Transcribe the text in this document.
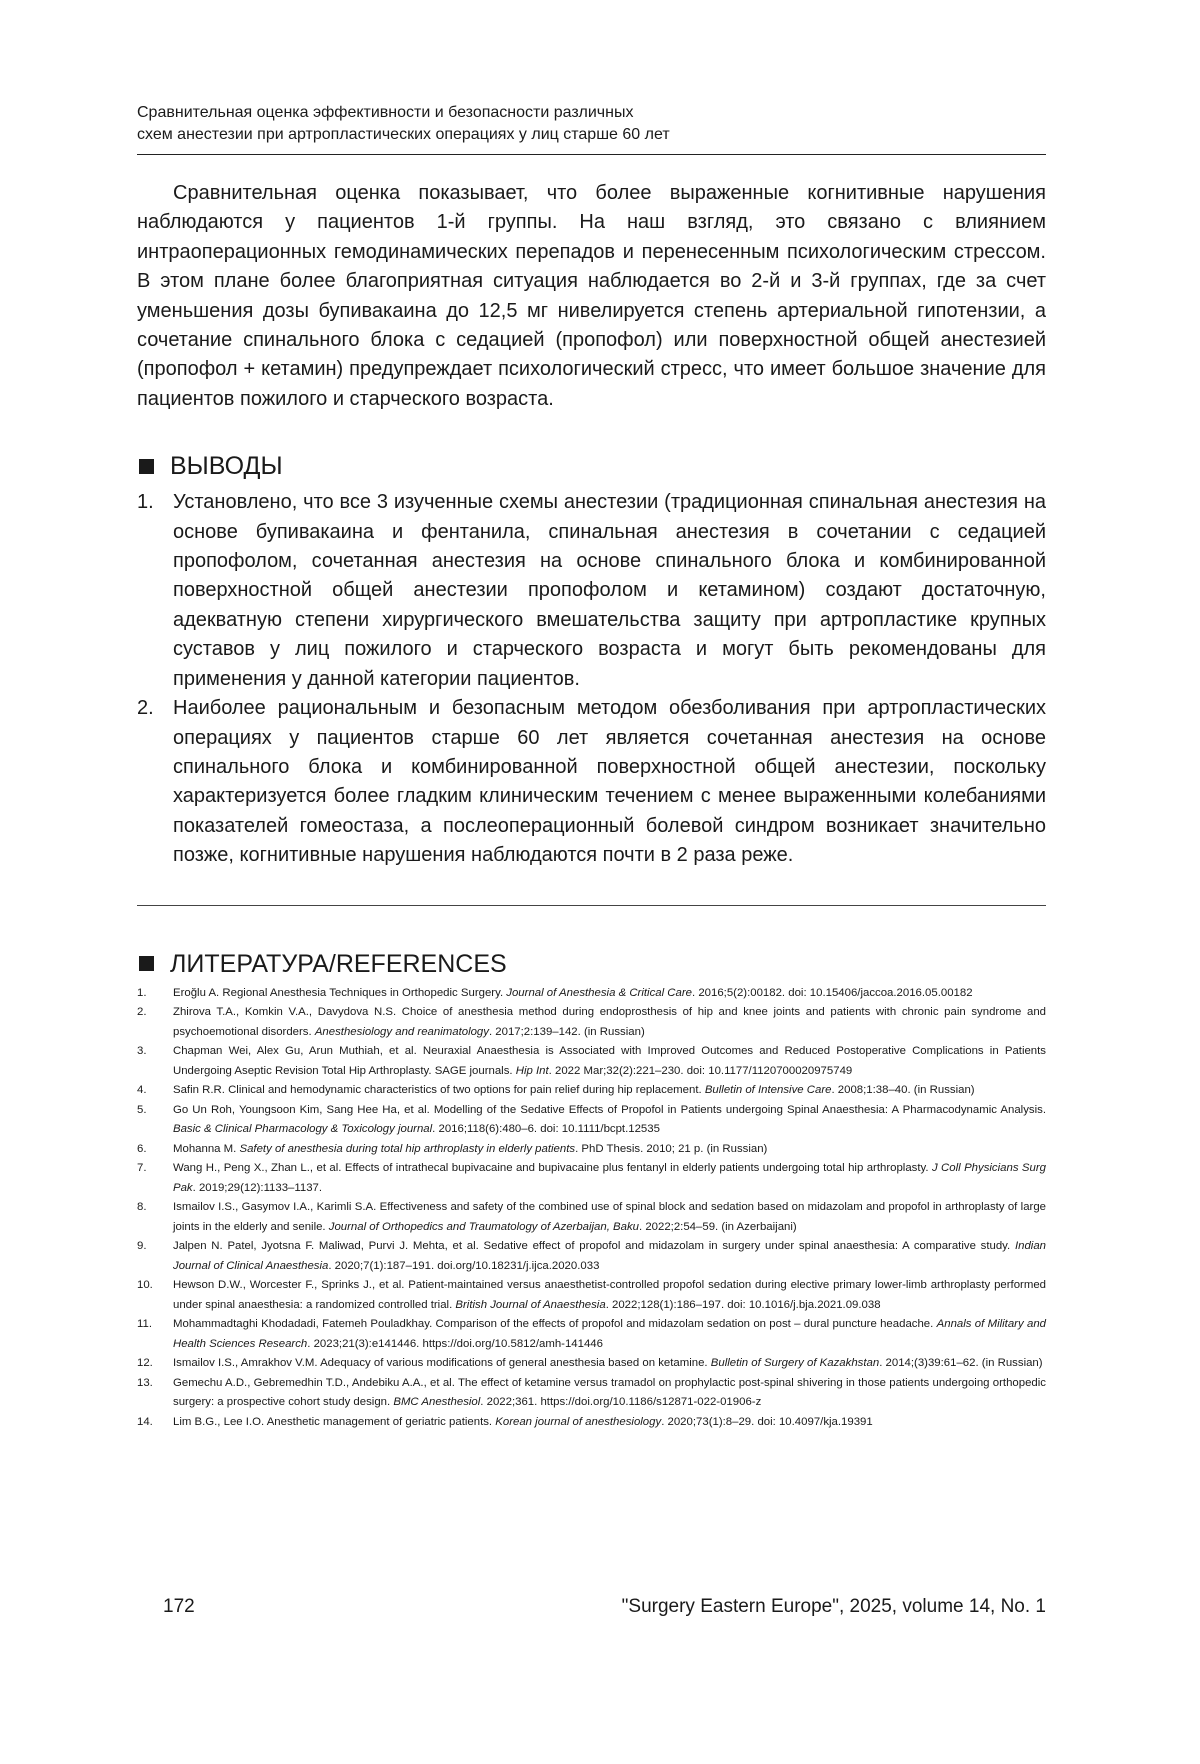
Сравнительная оценка эффективности и безопасности различных
схем анестезии при артропластических операциях у лиц старше 60 лет

Сравнительная оценка показывает, что более выраженные когнитивные нарушения наблюдаются у пациентов 1-й группы. На наш взгляд, это связано с влиянием интраоперационных гемодинамических перепадов и перенесенным психологическим стрессом. В этом плане более благоприятная ситуация наблюдается во 2-й и 3-й группах, где за счет уменьшения дозы бупивакаина до 12,5 мг нивелируется степень артериальной гипотензии, а сочетание спинального блока с седацией (пропофол) или поверхностной общей анестезией (пропофол + кетамин) предупреждает психологический стресс, что имеет большое значение для пациентов пожилого и старческого возраста.

ВЫВОДЫ
1. Установлено, что все 3 изученные схемы анестезии (традиционная спинальная анестезия на основе бупивакаина и фентанила, спинальная анестезия в сочетании с седацией пропофолом, сочетанная анестезия на основе спинального блока и комбинированной поверхностной общей анестезии пропофолом и кетамином) создают достаточную, адекватную степени хирургического вмешательства защиту при артропластике крупных суставов у лиц пожилого и старческого возраста и могут быть рекомендованы для применения у данной категории пациентов.
2. Наиболее рациональным и безопасным методом обезболивания при артропластических операциях у пациентов старше 60 лет является сочетанная анестезия на основе спинального блока и комбинированной поверхностной общей анестезии, поскольку характеризуется более гладким клиническим течением с менее выраженными колебаниями показателей гомеостаза, а послеоперационный болевой синдром возникает значительно позже, когнитивные нарушения наблюдаются почти в 2 раза реже.
ЛИТЕРАТУРА/REFERENCES
1.	Eroğlu A. Regional Anesthesia Techniques in Orthopedic Surgery. Journal of Anesthesia & Critical Care. 2016;5(2):00182. doi: 10.15406/jaccoa.2016.05.00182
2.	Zhirova T.A., Komkin V.A., Davydova N.S. Choice of anesthesia method during endoprosthesis of hip and knee joints and patients with chronic pain syndrome and psychoemotional disorders. Anesthesiology and reanimatology. 2017;2:139–142. (in Russian)
3.	Chapman Wei, Alex Gu, Arun Muthiah, et al. Neuraxial Anaesthesia is Associated with Improved Outcomes and Reduced Postoperative Complications in Patients Undergoing Aseptic Revision Total Hip Arthroplasty. SAGE journals. Hip Int. 2022 Mar;32(2):221–230. doi: 10.1177/1120700020975749
4.	Safin R.R. Clinical and hemodynamic characteristics of two options for pain relief during hip replacement. Bulletin of Intensive Care. 2008;1:38–40. (in Russian)
5.	Go Un Roh, Youngsoon Kim, Sang Hee Ha, et al. Modelling of the Sedative Effects of Propofol in Patients undergoing Spinal Anaesthesia: A Pharmacodynamic Analysis. Basic & Clinical Pharmacology & Toxicology journal. 2016;118(6):480–6. doi: 10.1111/bcpt.12535
6.	Mohanna M. Safety of anesthesia during total hip arthroplasty in elderly patients. PhD Thesis. 2010; 21 p. (in Russian)
7.	Wang H., Peng X., Zhan L., et al. Effects of intrathecal bupivacaine and bupivacaine plus fentanyl in elderly patients undergoing total hip arthroplasty. J Coll Physicians Surg Pak. 2019;29(12):1133–1137.
8.	Ismailov I.S., Gasymov I.A., Karimli S.A. Effectiveness and safety of the combined use of spinal block and sedation based on midazolam and propofol in arthroplasty of large joints in the elderly and senile. Journal of Orthopedics and Traumatology of Azerbaijan, Baku. 2022;2:54–59. (in Azerbaijani)
9.	Jalpen N. Patel, Jyotsna F. Maliwad, Purvi J. Mehta, et al. Sedative effect of propofol and midazolam in surgery under spinal anaesthesia: A comparative study. Indian Journal of Clinical Anaesthesia. 2020;7(1):187–191. doi.org/10.18231/j.ijca.2020.033
10.	Hewson D.W., Worcester F., Sprinks J., et al. Patient-maintained versus anaesthetist-controlled propofol sedation during elective primary lower-limb arthroplasty performed under spinal anaesthesia: a randomized controlled trial. British Journal of Anaesthesia. 2022;128(1):186–197. doi: 10.1016/j.bja.2021.09.038
11.	Mohammadtaghi Khodadadi, Fatemeh Pouladkhay. Comparison of the effects of propofol and midazolam sedation on post – dural puncture headache. Annals of Military and Health Sciences Research. 2023;21(3):e141446. https://doi.org/10.5812/amh-141446
12.	Ismailov I.S., Amrakhov V.M. Adequacy of various modifications of general anesthesia based on ketamine. Bulletin of Surgery of Kazakhstan. 2014;(3)39:61–62. (in Russian)
13.	Gemechu A.D., Gebremedhin T.D., Andebiku A.A., et al. The effect of ketamine versus tramadol on prophylactic post-spinal shivering in those patients undergoing orthopedic surgery: a prospective cohort study design. BMC Anesthesiol. 2022;361. https://doi.org/10.1186/s12871-022-01906-z
14.	Lim B.G., Lee I.O. Anesthetic management of geriatric patients. Korean journal of anesthesiology. 2020;73(1):8–29. doi: 10.4097/kja.19391
172	"Surgery Eastern Europe", 2025, volume 14, No. 1
